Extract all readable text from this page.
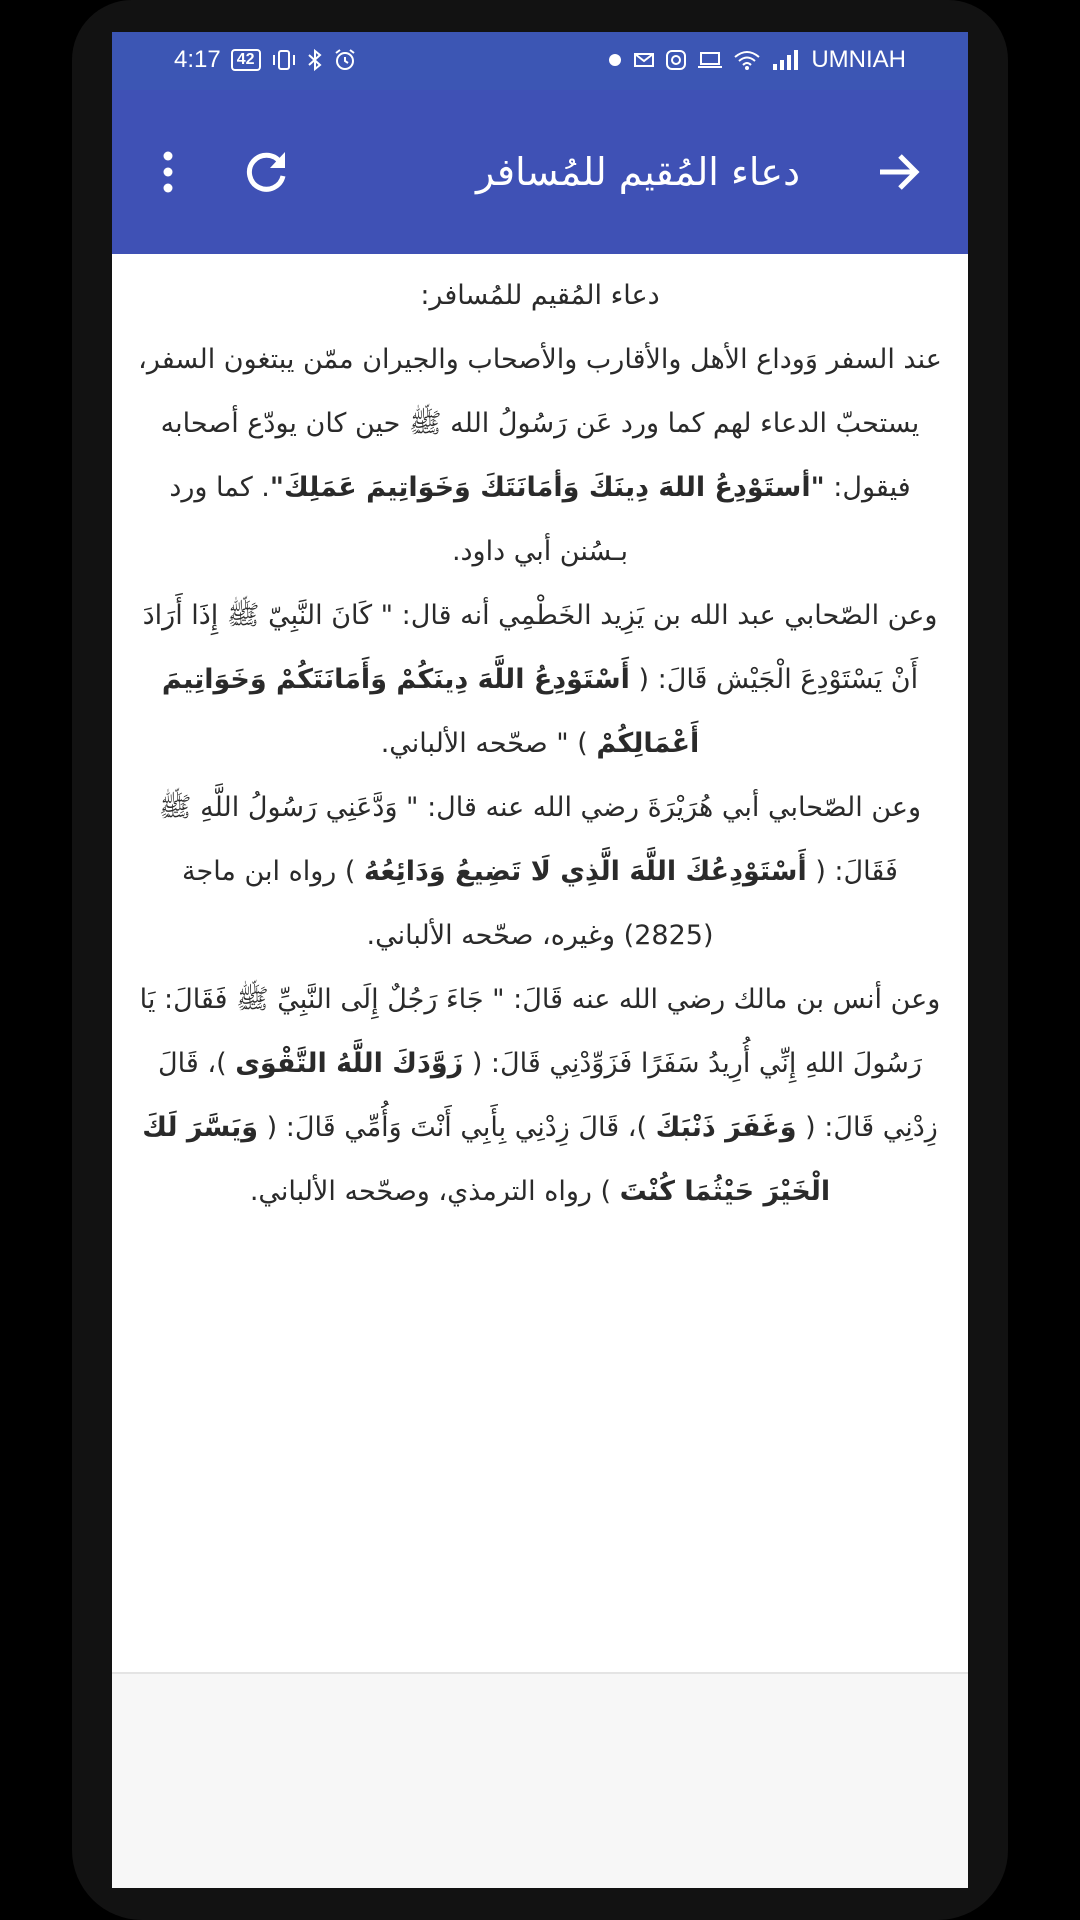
4:17	42	UMNIAH
دعاء المُقيم للمُسافر

دعاء المُقيم للمُسافر:

عند السفر وَوداع الأهل والأقارب والأصحاب والجيران ممّن يبتغون السفر، يستحبّ الدعاء لهم كما ورد عَن رَسُولُ الله ﷺ حين كان يودّع أصحابه فيقول: "أستَوْدِعُ اللهَ دِينَكَ وَأمَانَتَكَ وَخَوَاتِيمَ عَمَلِكَ". كما ورد بـسُنن أبي داود.

وعن الصّحابي عبد الله بن يَزِيد الخَطْمِي أنه قال: " كَانَ النَّبِيّ ﷺ إِذَا أَرَادَ أَنْ يَسْتَوْدِعَ الْجَيْش قَالَ: ( أَسْتَوْدِعُ اللَّهَ دِينَكُمْ وَأَمَانَتَكُمْ وَخَوَاتِيمَ أَعْمَالِكُمْ ) " صحّحه الألباني.

وعن الصّحابي أبي هُرَيْرَةَ رضي الله عنه قال: " وَدَّعَنِي رَسُولُ اللَّهِ ﷺ فَقَالَ: ( أَسْتَوْدِعُكَ اللَّهَ الَّذِي لَا تَضِيعُ وَدَائِعُهُ ) رواه ابن ماجة (2825) وغيره، صحّحه الألباني.

وعن أنس بن مالك رضي الله عنه قَالَ: " جَاءَ رَجُلٌ إِلَى النَّبِيِّ ﷺ فَقَالَ: يَا رَسُولَ اللهِ إِنِّي أُرِيدُ سَفَرًا فَزَوِّدْنِي قَالَ: ( زَوَّدَكَ اللَّهُ التَّقْوَى )، قَالَ زِدْنِي قَالَ: ( وَغَفَرَ ذَنْبَكَ )، قَالَ زِدْنِي بِأَبِي أَنْتَ وَأُمِّي قَالَ: ( وَيَسَّرَ لَكَ الْخَيْرَ حَيْثُمَا كُنْتَ ) رواه الترمذي، وصحّحه الألباني.
